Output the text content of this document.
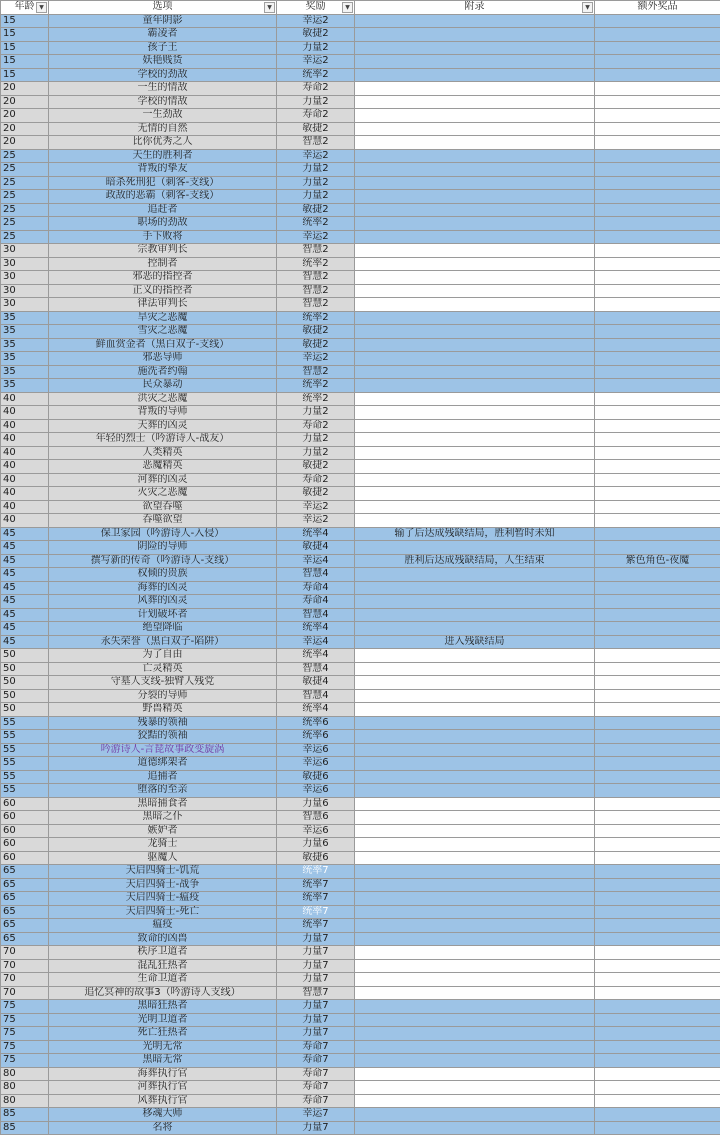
年龄 ▼	选项 ▼	奖励 ▼	附录 ▼	额外奖品
15	童年阴影	幸运2		
15	霸凌者	敏捷2		
15	孩子王	力量2		
15	妖艳贱货	幸运2		
15	学校的劲敌	统率2		
20	一生的情敌	寿命2		
20	学校的情敌	力量2		
20	一生劲敌	寿命2		
20	无情的自然	敏捷2		
20	比你优秀之人	智慧2		
25	天生的胜利者	幸运2		
25	背叛的挚友	力量2		
25	暗杀死刑犯（刺客-支线）	力量2		
25	政敌的恶霸（刺客-支线）	力量2		
25	追赶者	敏捷2		
25	职场的劲敌	统率2		
25	手下败将	幸运2		
30	宗教审判长	智慧2		
30	控制者	统率2		
30	邪恶的指控者	智慧2		
30	正义的指控者	智慧2		
30	律法审判长	智慧2		
35	旱灾之恶魔	统率2		
35	雪灾之恶魔	敏捷2		
35	鲜血赏金者（黑白双子-支线）	敏捷2		
35	邪恶导师	幸运2		
35	施洗者约翰	智慧2		
35	民众暴动	统率2		
40	洪灾之恶魔	统率2		
40	背叛的导师	力量2		
40	天葬的凶灵	寿命2		
40	年轻的烈士（吟游诗人-战友）	力量2		
40	人类精英	力量2		
40	恶魔精英	敏捷2		
40	河葬的凶灵	寿命2		
40	火灾之恶魔	敏捷2		
40	欲望吞噬	幸运2		
40	吞噬欲望	幸运2		
45	保卫家园（吟游诗人-入侵）	统率4	输了后达成残缺结局，胜利暂时未知	
45	阴险的导师	敏捷4		
45	撰写新的传奇（吟游诗人-支线）	幸运4	胜利后达成残缺结局，人生结束	紫色角色-夜魔
45	权倾的贵族	智慧4		
45	海葬的凶灵	寿命4		
45	风葬的凶灵	寿命4		
45	计划破坏者	智慧4		
45	绝望降临	统率4		
45	永失荣誉（黑白双子-陷阱）	幸运4	进入残缺结局	
50	为了自由	统率4		
50	亡灵精英	智慧4		
50	守墓人支线-独臂人残党	敏捷4		
50	分裂的导师	智慧4		
50	野兽精英	统率4		
55	残暴的领袖	统率6		
55	狡黠的领袖	统率6		
55	吟游诗人-言琵故事政变旋涡	幸运6		
55	道德绑架者	幸运6		
55	追捕者	敏捷6		
55	堕落的至亲	幸运6		
60	黑暗捕食者	力量6		
60	黑暗之仆	智慧6		
60	嫉妒者	幸运6		
60	龙骑士	力量6		
60	驱魔人	敏捷6		
65	天启四骑士-饥荒	统率7		
65	天启四骑士-战争	统率7		
65	天启四骑士-瘟疫	统率7		
65	天启四骑士-死亡	统率7		
65	瘟疫	统率7		
65	致命的凶兽	力量7		
70	秩序卫道者	力量7		
70	混乱狂热者	力量7		
70	生命卫道者	力量7		
70	追忆冥神的故事3（吟游诗人支线）	智慧7		
75	黑暗狂热者	力量7		
75	光明卫道者	力量7		
75	死亡狂热者	力量7		
75	光明无常	寿命7		
75	黑暗无常	寿命7		
80	海葬执行官	寿命7		
80	河葬执行官	寿命7		
80	风葬执行官	寿命7		
85	移魂大师	幸运7		
85	名将	力量7		
